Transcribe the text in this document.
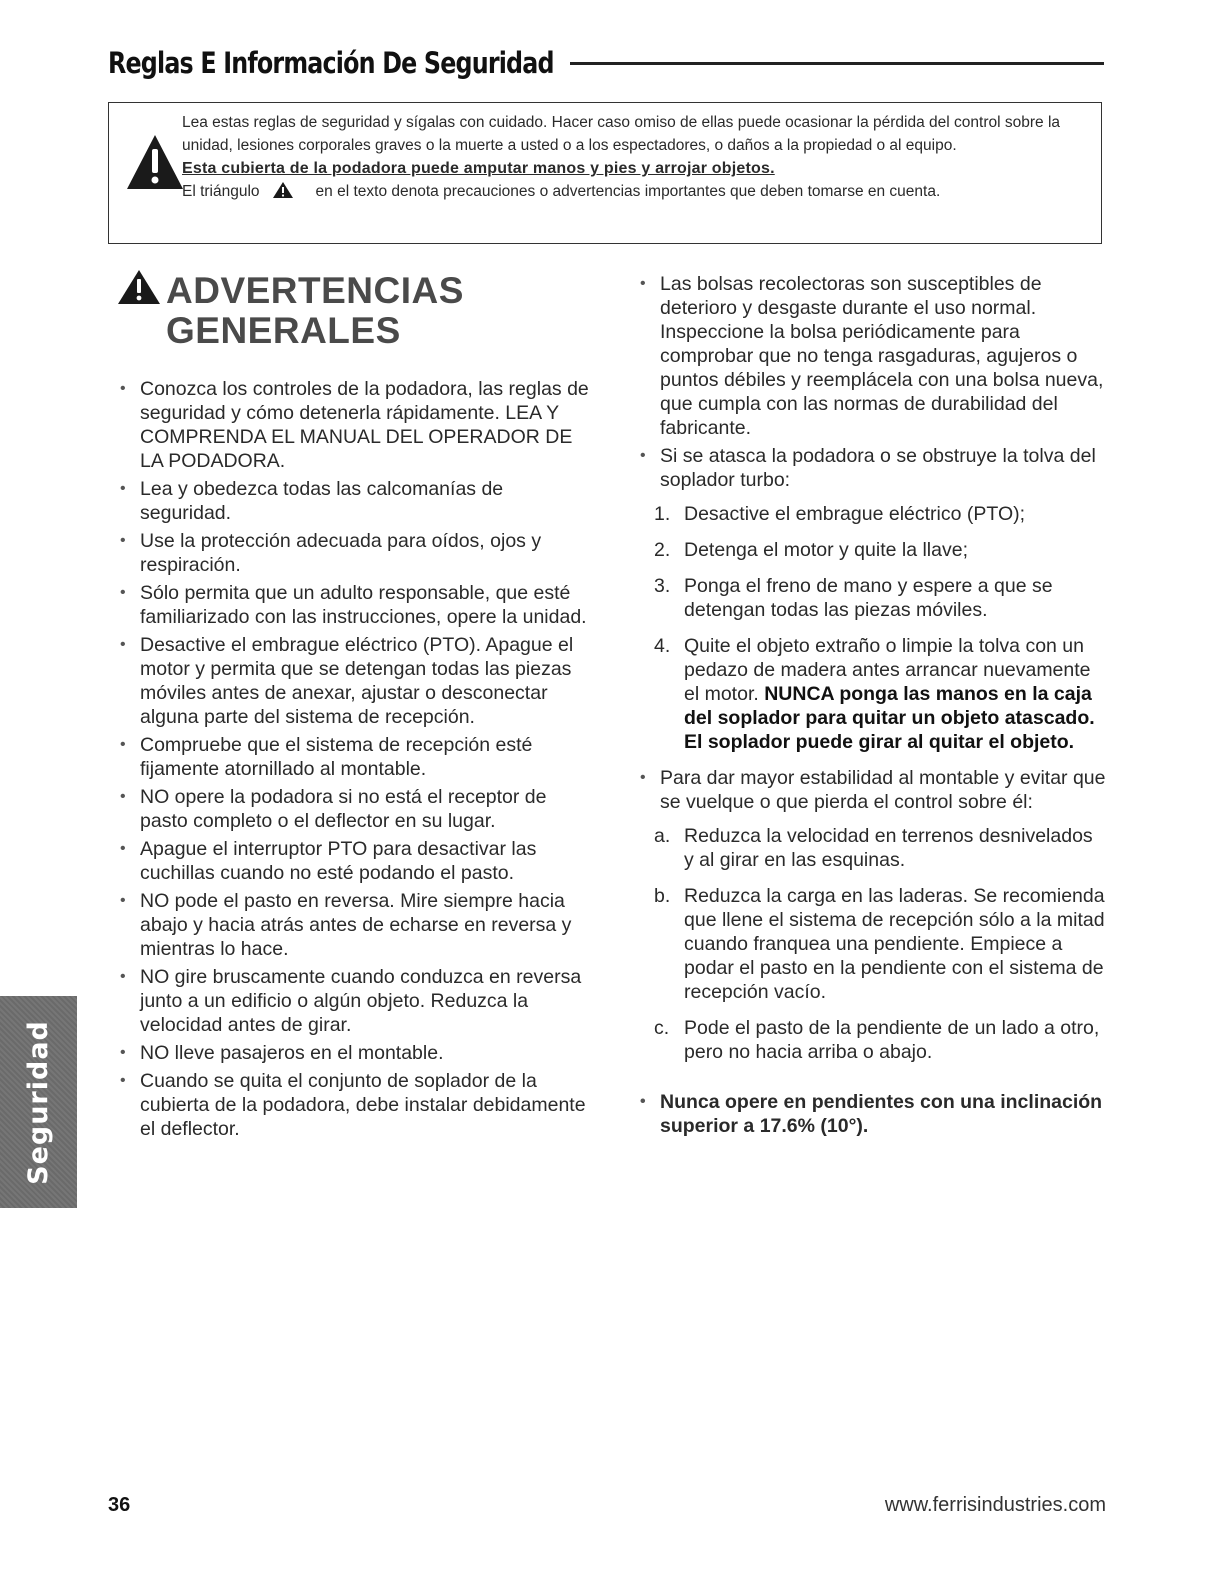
Reglas E Información De Seguridad

Lea estas reglas de seguridad y sígalas con cuidado. Hacer caso omiso de ellas puede ocasionar la pérdida del control sobre la unidad, lesiones corporales graves o la muerte a usted o a los espectadores, o daños a la propiedad o al equipo.

Esta cubierta de la podadora puede amputar manos y pies y arrojar objetos.

El triángulo	en el texto denota precauciones o advertencias importantes que deben tomarse en cuenta.

ADVERTENCIAS
GENERALES
• Conozca los controles de la podadora, las reglas de seguridad y cómo detenerla rápidamente. LEA Y COMPRENDA EL MANUAL DEL OPERADOR DE LA PODADORA.
• Lea y obedezca todas las calcomanías de seguridad.
• Use la protección adecuada para oídos, ojos y respiración.
• Sólo permita que un adulto responsable, que esté familiarizado con las instrucciones, opere la unidad.
• Desactive el embrague eléctrico (PTO). Apague el motor y permita que se detengan todas las piezas móviles antes de anexar, ajustar o desconectar alguna parte del sistema de recepción.
• Compruebe que el sistema de recepción esté fijamente atornillado al montable.
• NO opere la podadora si no está el receptor de pasto completo o el deflector en su lugar.
• Apague el interruptor PTO para desactivar las cuchillas cuando no esté podando el pasto.
• NO pode el pasto en reversa. Mire siempre hacia abajo y hacia atrás antes de echarse en reversa y mientras lo hace.
• NO gire bruscamente cuando conduzca en reversa junto a un edificio o algún objeto. Reduzca la velocidad antes de girar.
• NO lleve pasajeros en el montable.
• Cuando se quita el conjunto de soplador de la cubierta de la podadora, debe instalar debidamente el deflector.
• Las bolsas recolectoras son susceptibles de deterioro y desgaste durante el uso normal. Inspeccione la bolsa periódicamente para comprobar que no tenga rasgaduras, agujeros o puntos débiles y reemplácela con una bolsa nueva, que cumpla con las normas de durabilidad del fabricante.
• Si se atasca la podadora o se obstruye la tolva del soplador turbo:
1. Desactive el embrague eléctrico (PTO);
2. Detenga el motor y quite la llave;
3. Ponga el freno de mano y espere a que se detengan todas las piezas móviles.
4. Quite el objeto extraño o limpie la tolva con un pedazo de madera antes arrancar nuevamente el motor. NUNCA ponga las manos en la caja del soplador para quitar un objeto atascado. El soplador puede girar al quitar el objeto.
• Para dar mayor estabilidad al montable y evitar que se vuelque o que pierda el control sobre él:
a. Reduzca la velocidad en terrenos desnivelados y al girar en las esquinas.
b. Reduzca la carga en las laderas. Se recomienda que llene el sistema de recepción sólo a la mitad cuando franquea una pendiente. Empiece a podar el pasto en la pendiente con el sistema de recepción vacío.
c. Pode el pasto de la pendiente de un lado a otro, pero no hacia arriba o abajo.
• Nunca opere en pendientes con una inclinación superior a 17.6% (10°).
Seguridad
36	www.ferrisindustries.com
